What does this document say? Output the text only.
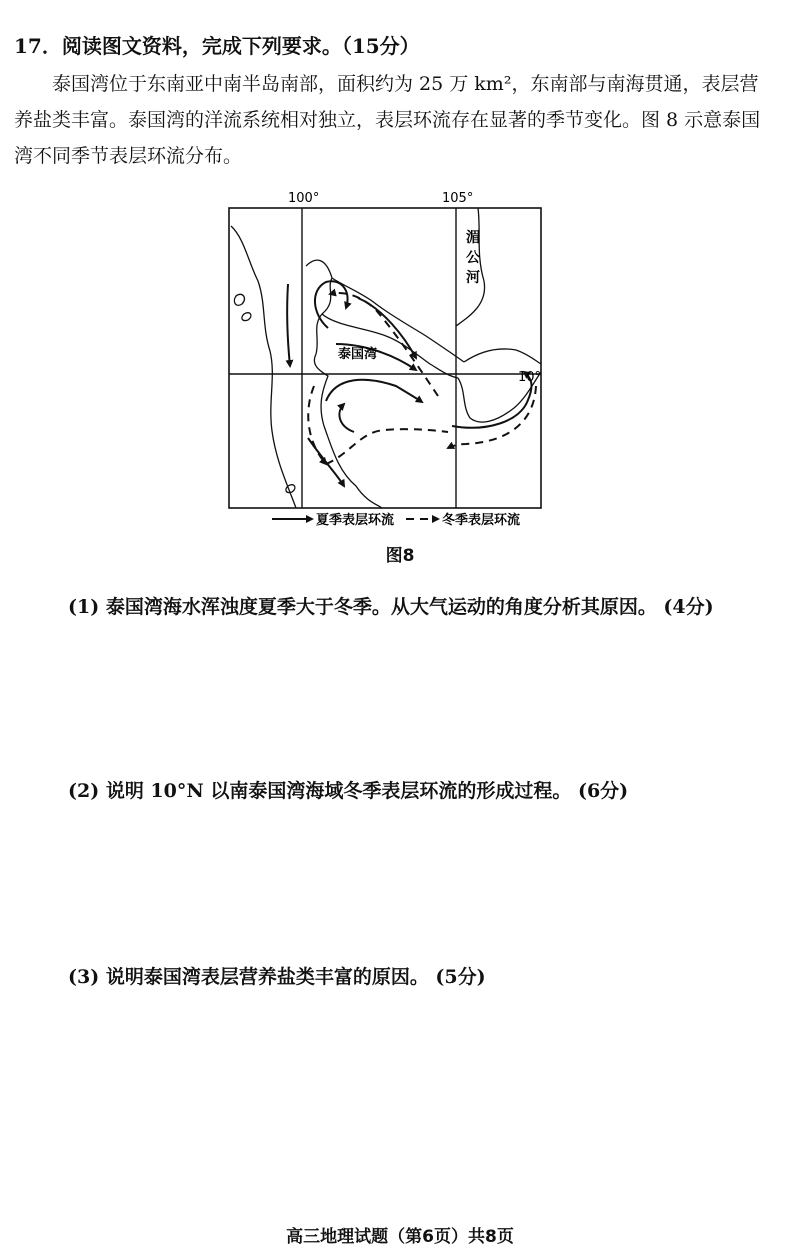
17．阅读图文资料，完成下列要求。（15分）
泰国湾位于东南亚中南半岛南部，面积约为 25 万 km²，东南部与南海贯通，表层营
养盐类丰富。泰国湾的洋流系统相对独立，表层环流存在显著的季节变化。图 8 示意泰国
湾不同季节表层环流分布。
100°	105°
10°
泰国湾
湄
公
河
夏季表层环流	冬季表层环流
图8
(1) 泰国湾海水浑浊度夏季大于冬季。从大气运动的角度分析其原因。 (4分)
(2) 说明 10°N 以南泰国湾海域冬季表层环流的形成过程。 (6分)
(3) 说明泰国湾表层营养盐类丰富的原因。 (5分)
高三地理试题（第6页）共8页
